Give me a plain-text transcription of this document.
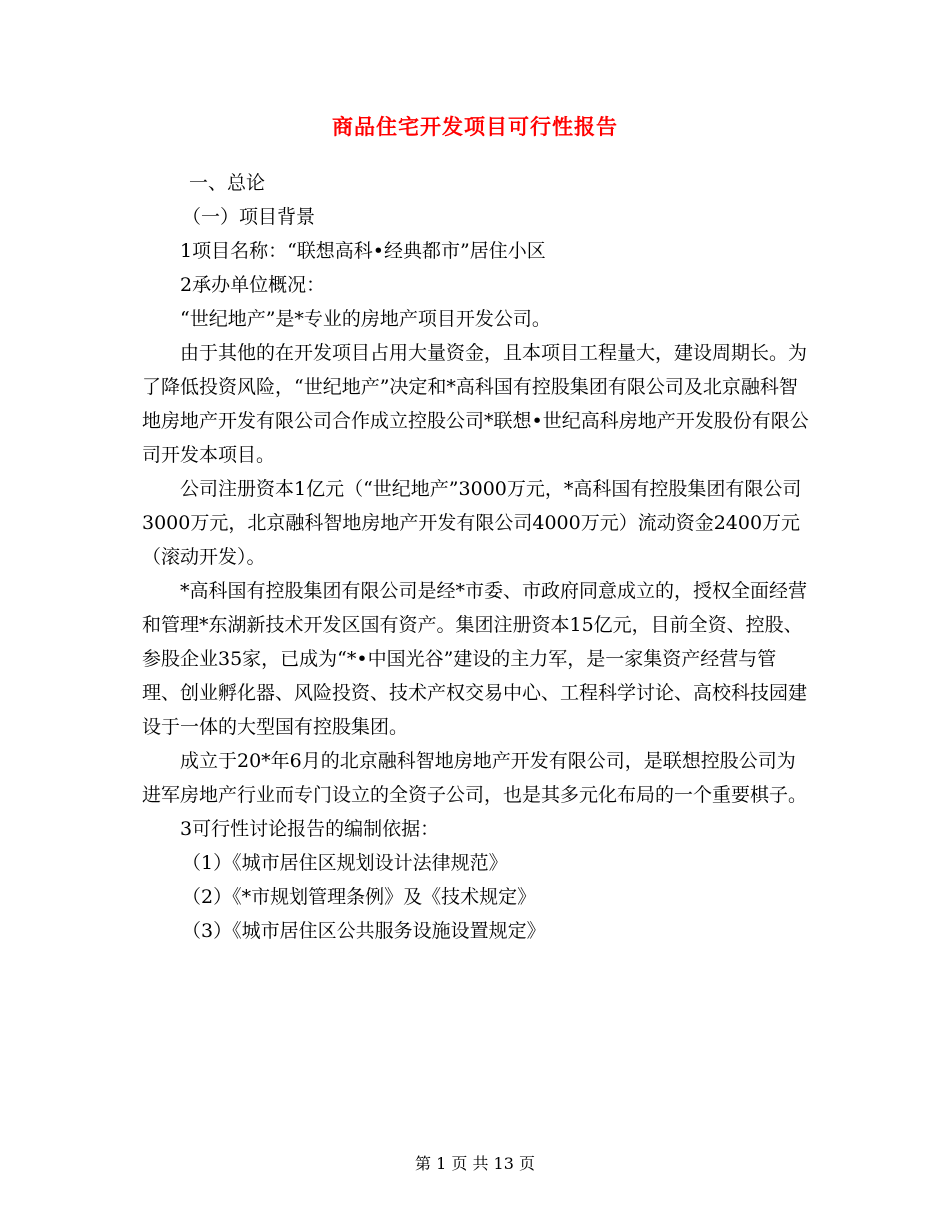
商品住宅开发项目可行性报告

一、总论

（一）项目背景

1项目名称：“联想高科•经典都市”居住小区

2承办单位概况：

“世纪地产”是*专业的房地产项目开发公司。

由于其他的在开发项目占用大量资金，且本项目工程量大，建设周期长。为了降低投资风险，“世纪地产”决定和*高科国有控股集团有限公司及北京融科智地房地产开发有限公司合作成立控股公司*联想•世纪高科房地产开发股份有限公司开发本项目。

公司注册资本1亿元（“世纪地产”3000万元，*高科国有控股集团有限公司3000万元，北京融科智地房地产开发有限公司4000万元）流动资金2400万元（滚动开发）。

*高科国有控股集团有限公司是经*市委、市政府同意成立的，授权全面经营和管理*东湖新技术开发区国有资产。集团注册资本15亿元，目前全资、控股、参股企业35家，已成为“*•中国光谷”建设的主力军，是一家集资产经营与管理、创业孵化器、风险投资、技术产权交易中心、工程科学讨论、高校科技园建设于一体的大型国有控股集团。

成立于20*年6月的北京融科智地房地产开发有限公司，是联想控股公司为进军房地产行业而专门设立的全资子公司，也是其多元化布局的一个重要棋子。

3可行性讨论报告的编制依据：

（1）《城市居住区规划设计法律规范》

（2）《*市规划管理条例》及《技术规定》

（3）《城市居住区公共服务设施设置规定》

第 1 页 共 13 页
